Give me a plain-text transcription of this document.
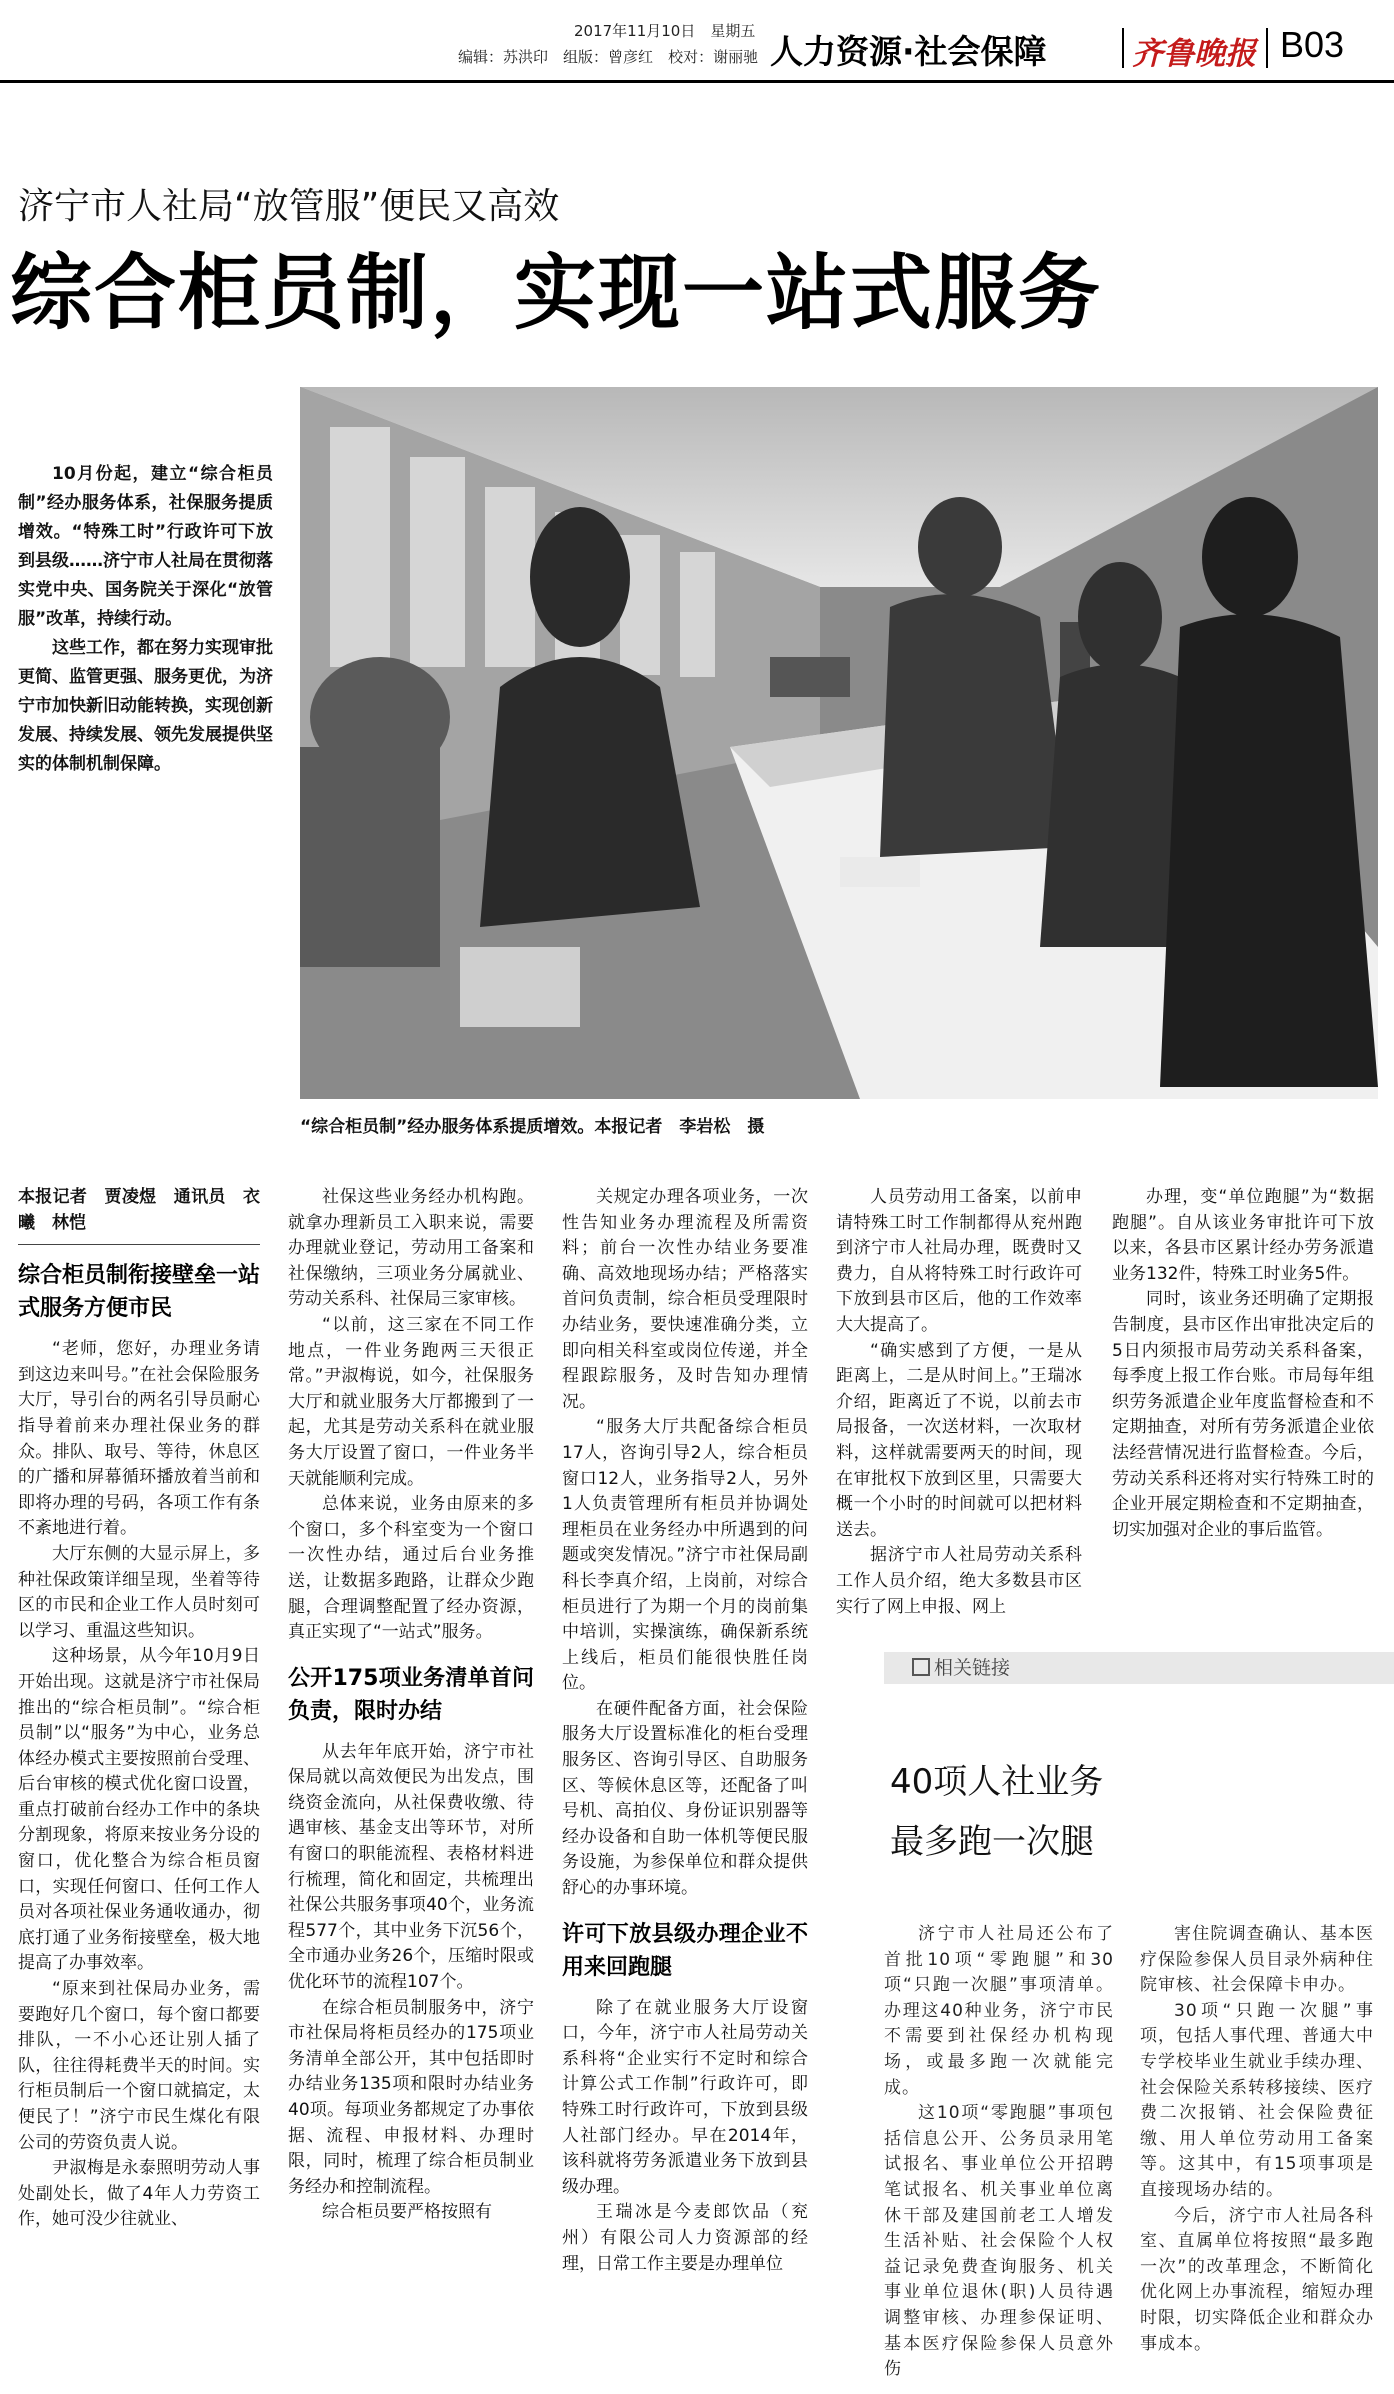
2017年11月10日　 星期五
编辑：苏洪印　 组版：曾彦红　 校对：谢丽驰 人力资源·社会保障	齐鲁晚报 B03
济宁市人社局“放管服”便民又高效
综合柜员制，实现一站式服务

10月份起，建立“综合柜员制”经办服务体系，社保服务提质增效。“特殊工时”行政许可下放到县级……济宁市人社局在贯彻落实党中央、国务院关于深化“放管服”改革，持续行动。

这些工作，都在努力实现审批更简、监管更强、服务更优，为济宁市加快新旧动能转换，实现创新发展、持续发展、领先发展提供坚实的体制机制保障。

“综合柜员制”经办服务体系提质增效。本报记者　李岩松　摄
本报记者　贾凌煜　通讯员　衣曦　林恺
综合柜员制衔接壁垒一站式服务方便市民

“老师，您好，办理业务请到这边来叫号。”在社会保险服务大厅，导引台的两名引导员耐心指导着前来办理社保业务的群众。排队、取号、等待，休息区的广播和屏幕循环播放着当前和即将办理的号码，各项工作有条不紊地进行着。

大厅东侧的大显示屏上，多种社保政策详细呈现，坐着等待区的市民和企业工作人员时刻可以学习、重温这些知识。

这种场景，从今年10月9日开始出现。这就是济宁市社保局推出的“综合柜员制”。“综合柜员制”以“服务”为中心，业务总体经办模式主要按照前台受理、后台审核的模式优化窗口设置，重点打破前台经办工作中的条块分割现象，将原来按业务分设的窗口，优化整合为综合柜员窗口，实现任何窗口、任何工作人员对各项社保业务通收通办，彻底打通了业务衔接壁垒，极大地提高了办事效率。

“原来到社保局办业务，需要跑好几个窗口，每个窗口都要排队，一不小心还让别人插了队，往往得耗费半天的时间。实行柜员制后一个窗口就搞定，太便民了！”济宁市民生煤化有限公司的劳资负责人说。

尹淑梅是永泰照明劳动人事处副处长，做了4年人力劳资工作，她可没少往就业、

社保这些业务经办机构跑。就拿办理新员工入职来说，需要办理就业登记，劳动用工备案和社保缴纳，三项业务分属就业、劳动关系科、社保局三家审核。

“以前，这三家在不同工作地点，一件业务跑两三天很正常。”尹淑梅说，如今，社保服务大厅和就业服务大厅都搬到了一起，尤其是劳动关系科在就业服务大厅设置了窗口，一件业务半天就能顺利完成。

总体来说，业务由原来的多个窗口，多个科室变为一个窗口一次性办结，通过后台业务推送，让数据多跑路，让群众少跑腿，合理调整配置了经办资源，真正实现了“一站式”服务。

公开175项业务清单首问负责，限时办结

从去年年底开始，济宁市社保局就以高效便民为出发点，围绕资金流向，从社保费收缴、待遇审核、基金支出等环节，对所有窗口的职能流程、表格材料进行梳理，简化和固定，共梳理出社保公共服务事项40个，业务流程577个，其中业务下沉56个，全市通办业务26个，压缩时限或优化环节的流程107个。

在综合柜员制服务中，济宁市社保局将柜员经办的175项业务清单全部公开，其中包括即时办结业务135项和限时办结业务40项。每项业务都规定了办事依据、流程、申报材料、办理时限，同时，梳理了综合柜员制业务经办和控制流程。

综合柜员要严格按照有

关规定办理各项业务，一次性告知业务办理流程及所需资料；前台一次性办结业务要准确、高效地现场办结；严格落实首问负责制，综合柜员受理限时办结业务，要快速准确分类，立即向相关科室或岗位传递，并全程跟踪服务，及时告知办理情况。

“服务大厅共配备综合柜员17人，咨询引导2人，综合柜员窗口12人，业务指导2人，另外1人负责管理所有柜员并协调处理柜员在业务经办中所遇到的问题或突发情况。”济宁市社保局副科长李真介绍，上岗前，对综合柜员进行了为期一个月的岗前集中培训，实操演练，确保新系统上线后，柜员们能很快胜任岗位。

在硬件配备方面，社会保险服务大厅设置标准化的柜台受理服务区、咨询引导区、自助服务区、等候休息区等，还配备了叫号机、高拍仪、身份证识别器等经办设备和自助一体机等便民服务设施，为参保单位和群众提供舒心的办事环境。

许可下放县级办理企业不用来回跑腿

除了在就业服务大厅设窗口，今年，济宁市人社局劳动关系科将“企业实行不定时和综合计算公式工作制”行政许可，即特殊工时行政许可，下放到县级人社部门经办。早在2014年，该科就将劳务派遣业务下放到县级办理。

王瑞冰是今麦郎饮品（兖州）有限公司人力资源部的经理，日常工作主要是办理单位

人员劳动用工备案，以前申请特殊工时工作制都得从兖州跑到济宁市人社局办理，既费时又费力，自从将特殊工时行政许可下放到县市区后，他的工作效率大大提高了。

“确实感到了方便，一是从距离上，二是从时间上。”王瑞冰介绍，距离近了不说，以前去市局报备，一次送材料，一次取材料，这样就需要两天的时间，现在审批权下放到区里，只需要大概一个小时的时间就可以把材料送去。

据济宁市人社局劳动关系科工作人员介绍，绝大多数县市区实行了网上申报、网上

办理，变“单位跑腿”为“数据跑腿”。自从该业务审批许可下放以来，各县市区累计经办劳务派遣业务132件，特殊工时业务5件。

同时，该业务还明确了定期报告制度，县市区作出审批决定后的5日内须报市局劳动关系科备案，每季度上报工作台账。市局每年组织劳务派遣企业年度监督检查和不定期抽查，对所有劳务派遣企业依法经营情况进行监督检查。今后，劳动关系科还将对实行特殊工时的企业开展定期检查和不定期抽查，切实加强对企业的事后监管。

相关链接
40项人社业务
最多跑一次腿

济宁市人社局还公布了首批10项“零跑腿”和30项“只跑一次腿”事项清单。办理这40种业务，济宁市民不需要到社保经办机构现场，或最多跑一次就能完成。

这10项“零跑腿”事项包括信息公开、公务员录用笔试报名、事业单位公开招聘笔试报名、机关事业单位离休干部及建国前老工人增发生活补贴、社会保险个人权益记录免费查询服务、机关事业单位退休(职)人员待遇调整审核、办理参保证明、基本医疗保险参保人员意外伤

害住院调查确认、基本医疗保险参保人员目录外病种住院审核、社会保障卡申办。

30项“只跑一次腿”事项，包括人事代理、普通大中专学校毕业生就业手续办理、社会保险关系转移接续、医疗费二次报销、社会保险费征缴、用人单位劳动用工备案等。这其中，有15项事项是直接现场办结的。

今后，济宁市人社局各科室、直属单位将按照“最多跑一次”的改革理念，不断简化优化网上办事流程，缩短办理时限，切实降低企业和群众办事成本。
